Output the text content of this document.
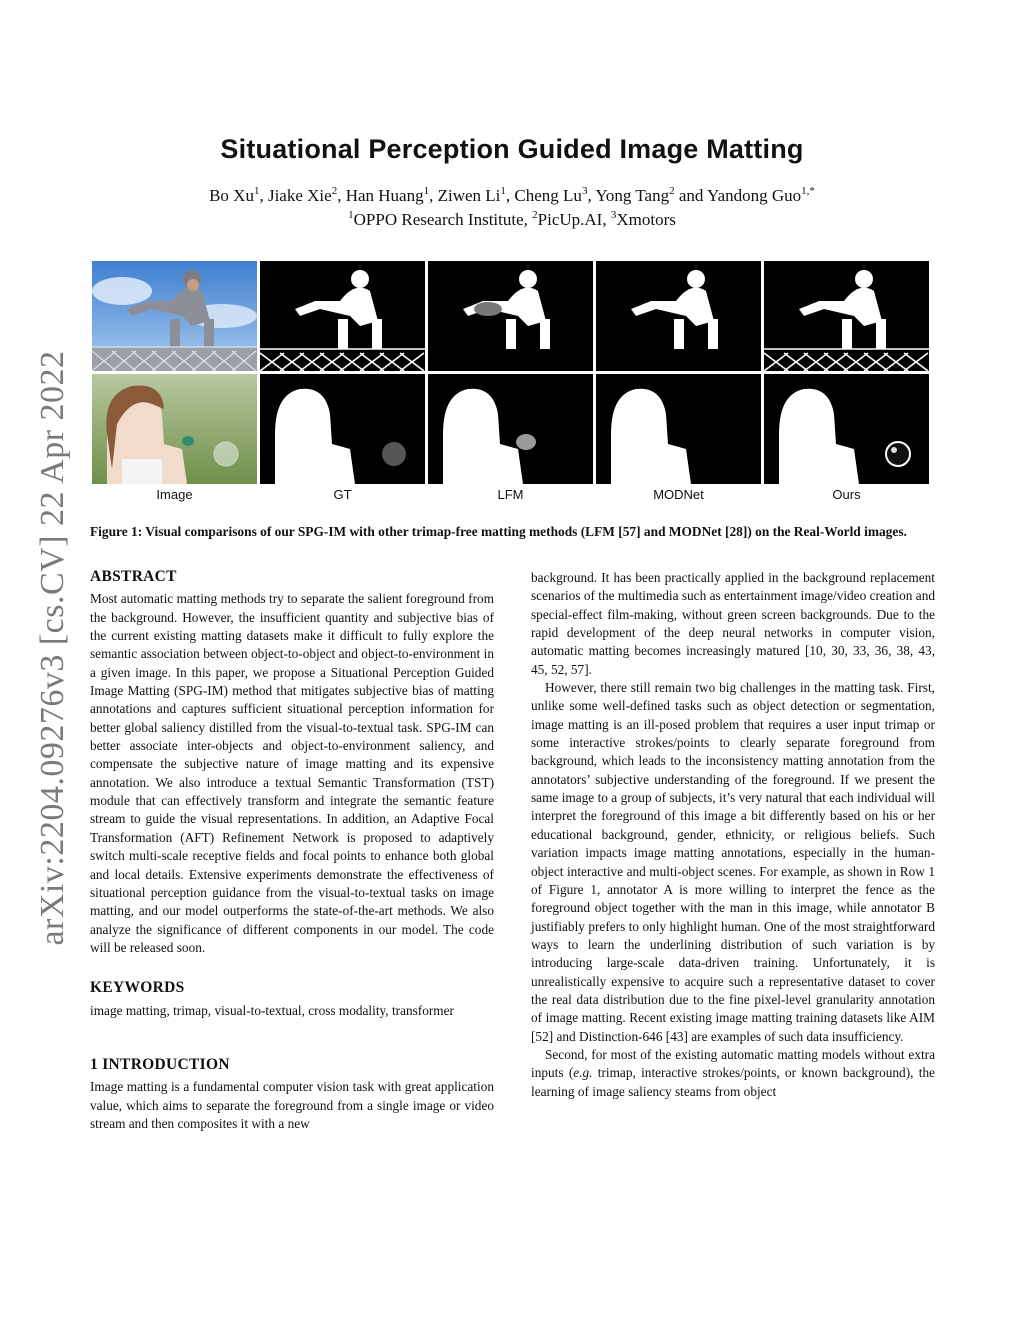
arXiv:2204.09276v3 [cs.CV] 22 Apr 2022
Situational Perception Guided Image Matting
Bo Xu$^1$, Jiake Xie$^2$, Han Huang$^1$, Ziwen Li$^1$, Cheng Lu$^3$, Yong Tang$^2$ and Yandong Guo$^{1,*}$
$^1$OPPO Research Institute, $^2$PicUp.AI, $^3$Xmotors
Image	GT	LFM	MODNet	Ours
Figure 1: Visual comparisons of our SPG-IM with other trimap-free matting methods (LFM [57] and MODNet [28]) on the Real-World images.
ABSTRACT

Most automatic matting methods try to separate the salient foreground from the background. However, the insufficient quantity and subjective bias of the current existing matting datasets make it difficult to fully explore the semantic association between object-to-object and object-to-environment in a given image. In this paper, we propose a Situational Perception Guided Image Matting (SPG-IM) method that mitigates subjective bias of matting annotations and captures sufficient situational perception information for better global saliency distilled from the visual-to-textual task. SPG-IM can better associate inter-objects and object-to-environment saliency, and compensate the subjective nature of image matting and its expensive annotation. We also introduce a textual Semantic Transformation (TST) module that can effectively transform and integrate the semantic feature stream to guide the visual representations. In addition, an Adaptive Focal Transformation (AFT) Refinement Network is proposed to adaptively switch multi-scale receptive fields and focal points to enhance both global and local details. Extensive experiments demonstrate the effectiveness of situational perception guidance from the visual-to-textual tasks on image matting, and our model outperforms the state-of-the-art methods. We also analyze the significance of different components in our model. The code will be released soon.

KEYWORDS

image matting, trimap, visual-to-textual, cross modality, transformer

1 INTRODUCTION

Image matting is a fundamental computer vision task with great application value, which aims to separate the foreground from a single image or video stream and then composites it with a new

background. It has been practically applied in the background replacement scenarios of the multimedia such as entertainment image/video creation and special-effect film-making, without green screen backgrounds. Due to the rapid development of the deep neural networks in computer vision, automatic matting becomes increasingly matured [10, 30, 33, 36, 38, 43, 45, 52, 57].

However, there still remain two big challenges in the matting task. First, unlike some well-defined tasks such as object detection or segmentation, image matting is an ill-posed problem that requires a user input trimap or some interactive strokes/points to clearly separate foreground from background, which leads to the inconsistency matting annotation from the annotators’ subjective understanding of the foreground. If we present the same image to a group of subjects, it’s very natural that each individual will interpret the foreground of this image a bit differently based on his or her educational background, gender, ethnicity, or religious beliefs. Such variation impacts image matting annotations, especially in the human-object interactive and multi-object scenes. For example, as shown in Row 1 of Figure 1, annotator A is more willing to interpret the fence as the foreground object together with the man in this image, while annotator B justifiably prefers to only highlight human. One of the most straightforward ways to learn the underlining distribution of such variation is by introducing large-scale data-driven training. Unfortunately, it is unrealistically expensive to acquire such a representative dataset to cover the real data distribution due to the fine pixel-level granularity annotation of image matting. Recent existing image matting training datasets like AIM [52] and Distinction-646 [43] are examples of such data insufficiency.

Second, for most of the existing automatic matting models without extra inputs (e.g. trimap, interactive strokes/points, or known background), the learning of image saliency steams from object
